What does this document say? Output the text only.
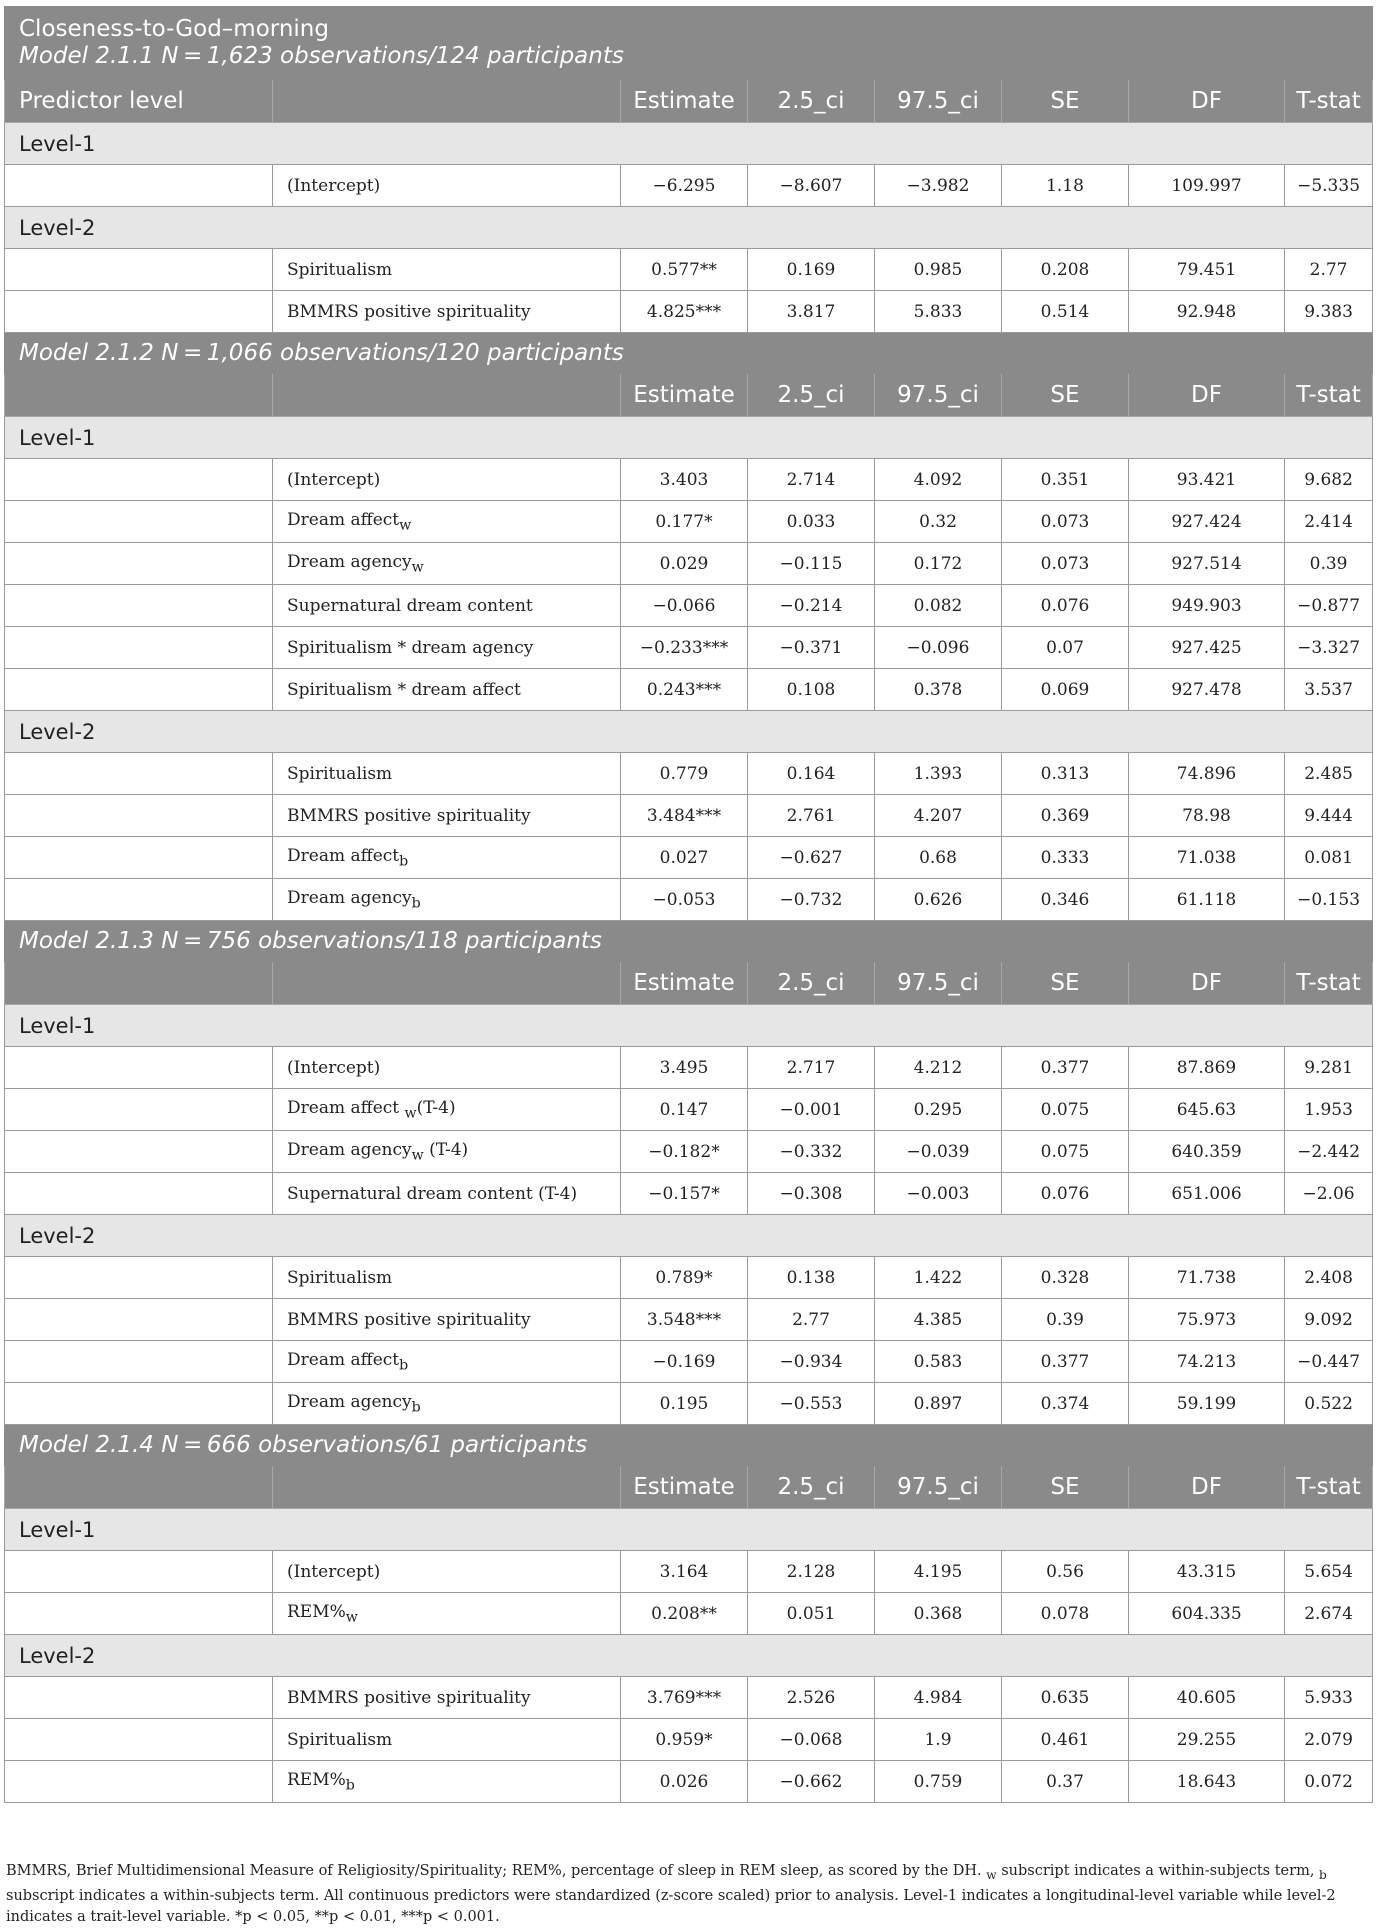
Closeness-to-God–morning
Model 2.1.1 N = 1,623 observations/124 participants							

Predictor level		Estimate	2.5_ci	97.5_ci	SE	DF	T-stat
Level-1							
	(Intercept)	−6.295	−8.607	−3.982	1.18	109.997	−5.335
Level-2							
	Spiritualism	0.577**	0.169	0.985	0.208	79.451	2.77
	BMMRS positive spirituality	4.825***	3.817	5.833	0.514	92.948	9.383
Model 2.1.2 N = 1,066 observations/120 participants							
		Estimate	2.5_ci	97.5_ci	SE	DF	T-stat
Level-1							
	(Intercept)	3.403	2.714	4.092	0.351	93.421	9.682
	Dream affect$_w$	0.177*	0.033	0.32	0.073	927.424	2.414
	Dream agency$_w$	0.029	−0.115	0.172	0.073	927.514	0.39
	Supernatural dream content	−0.066	−0.214	0.082	0.076	949.903	−0.877
	Spiritualism * dream agency	−0.233***	−0.371	−0.096	0.07	927.425	−3.327
	Spiritualism * dream affect	0.243***	0.108	0.378	0.069	927.478	3.537
Level-2							
	Spiritualism	0.779	0.164	1.393	0.313	74.896	2.485
	BMMRS positive spirituality	3.484***	2.761	4.207	0.369	78.98	9.444
	Dream affect$_b$	0.027	−0.627	0.68	0.333	71.038	0.081
	Dream agency$_b$	−0.053	−0.732	0.626	0.346	61.118	−0.153
Model 2.1.3 N = 756 observations/118 participants							
		Estimate	2.5_ci	97.5_ci	SE	DF	T-stat
Level-1							
	(Intercept)	3.495	2.717	4.212	0.377	87.869	9.281
	Dream affect $_w$(T-4)	0.147	−0.001	0.295	0.075	645.63	1.953
	Dream agency$_w$ (T-4)	−0.182*	−0.332	−0.039	0.075	640.359	−2.442
	Supernatural dream content (T-4)	−0.157*	−0.308	−0.003	0.076	651.006	−2.06
Level-2							
	Spiritualism	0.789*	0.138	1.422	0.328	71.738	2.408
	BMMRS positive spirituality	3.548***	2.77	4.385	0.39	75.973	9.092
	Dream affect$_b$	−0.169	−0.934	0.583	0.377	74.213	−0.447
	Dream agency$_b$	0.195	−0.553	0.897	0.374	59.199	0.522
Model 2.1.4 N = 666 observations/61 participants							
		Estimate	2.5_ci	97.5_ci	SE	DF	T-stat
Level-1							
	(Intercept)	3.164	2.128	4.195	0.56	43.315	5.654
	$REM\%_w$	0.208**	0.051	0.368	0.078	604.335	2.674
Level-2							
	BMMRS positive spirituality	3.769***	2.526	4.984	0.635	40.605	5.933
	Spiritualism	0.959*	−0.068	1.9	0.461	29.255	2.079
	$REM\%_b$	0.026	−0.662	0.759	0.37	18.643	0.072
BMMRS, Brief Multidimensional Measure of Religiosity/Spirituality; REM%, percentage of sleep in REM sleep, as scored by the DH. $_w$ subscript indicates a within-subjects term, $_b$ subscript indicates a within-subjects term. All continuous predictors were standardized (z-score scaled) prior to analysis. Level-1 indicates a longitudinal-level variable while level-2 indicates a trait-level variable. *p < 0.05, **p < 0.01, ***p < 0.001.
